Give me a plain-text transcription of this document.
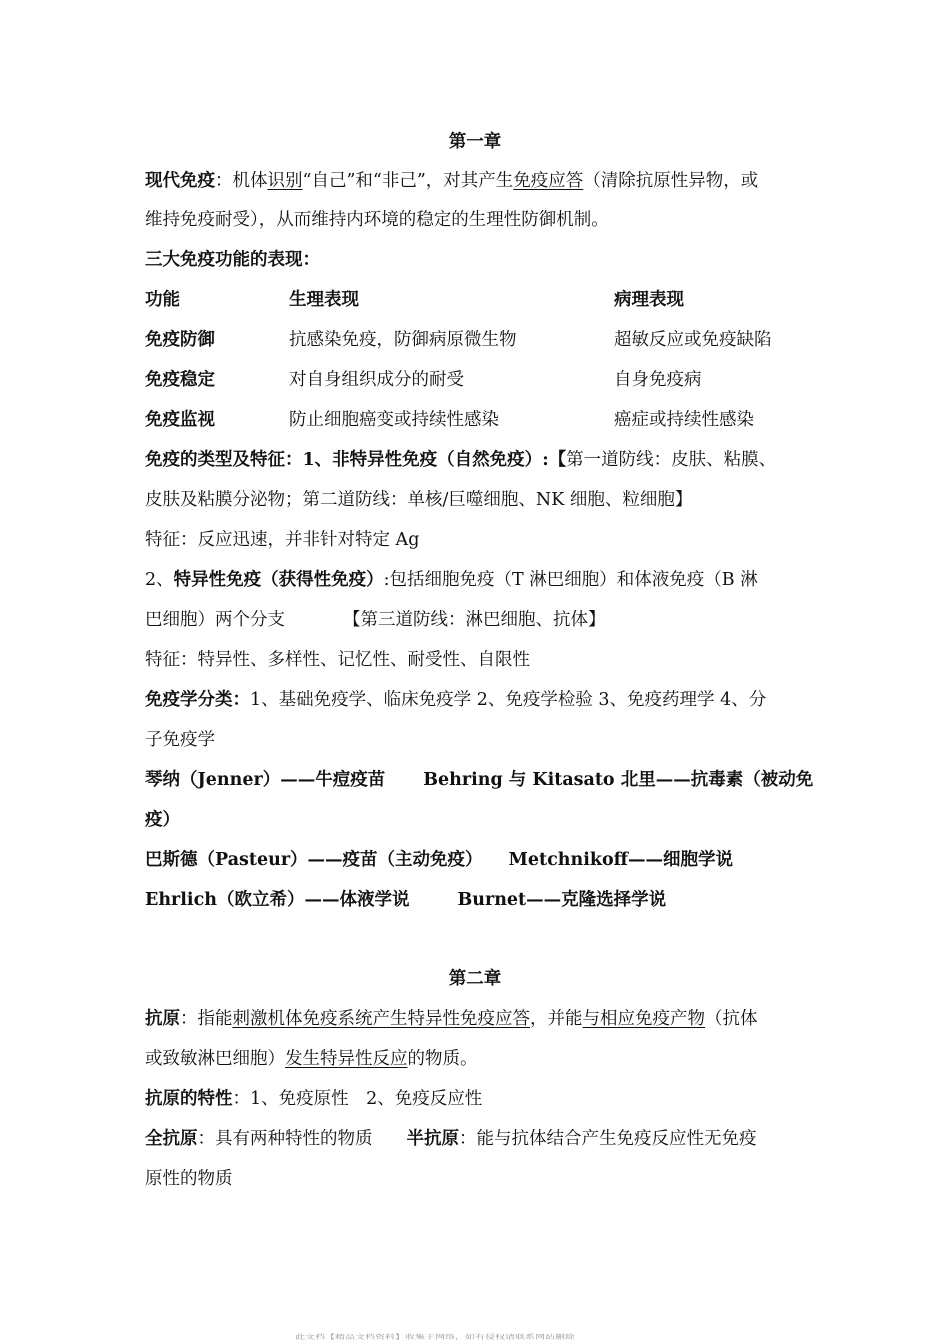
第一章
现代免疫：机体识别“自己”和“非己”，对其产生免疫应答（清除抗原性异物，或
维持免疫耐受），从而维持内环境的稳定的生理性防御机制。
三大免疫功能的表现：
功能	生理表现	病理表现
免疫防御	抗感染免疫，防御病原微生物	超敏反应或免疫缺陷
免疫稳定	对自身组织成分的耐受	自身免疫病
免疫监视	防止细胞癌变或持续性感染	癌症或持续性感染
免疫的类型及特征：1、非特异性免疫（自然免疫）:【第一道防线：皮肤、粘膜、
皮肤及粘膜分泌物；第二道防线：单核/巨噬细胞、NK 细胞、粒细胞】
特征：反应迅速，并非针对特定 Ag
2、特异性免疫（获得性免疫）:包括细胞免疫（T 淋巴细胞）和体液免疫（B 淋
巴细胞）两个分支	【第三道防线：淋巴细胞、抗体】
特征：特异性、多样性、记忆性、耐受性、自限性
免疫学分类：1、基础免疫学、临床免疫学 2、免疫学检验 3、免疫药理学 4、分
子免疫学
琴纳（Jenner）——牛痘疫苗 Behring 与 Kitasato 北里——抗毒素（被动免
疫）
巴斯德（Pasteur）——疫苗（主动免疫） Metchnikoff——细胞学说
Ehrlich（欧立希）——体液学说	Burnet——克隆选择学说
第二章
抗原：指能刺激机体免疫系统产生特异性免疫应答，并能与相应免疫产物（抗体
或致敏淋巴细胞）发生特异性反应的物质。
抗原的特性：1、免疫原性　2、免疫反应性
全抗原：具有两种特性的物质 半抗原：能与抗体结合产生免疫反应性无免疫
原性的物质
此文档【精品文档资料】收集于网络，如有侵权请联系网站删除
